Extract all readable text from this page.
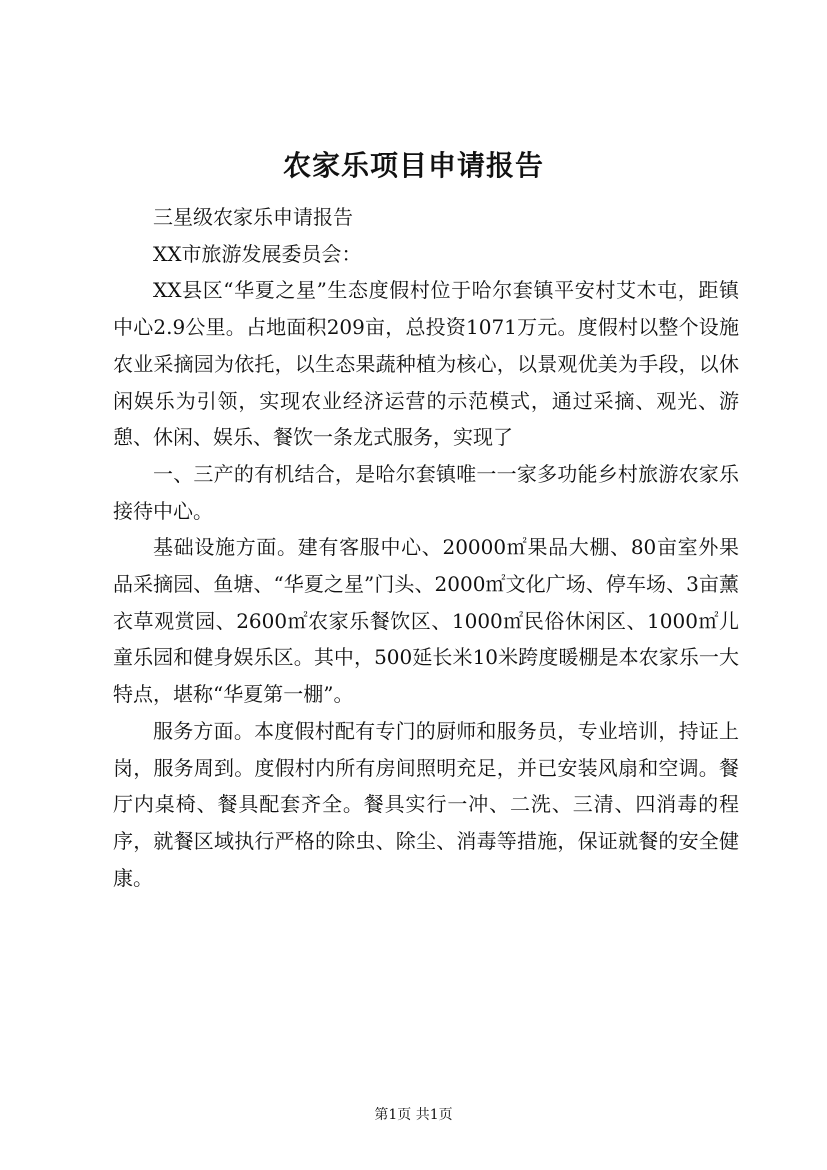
农家乐项目申请报告

三星级农家乐申请报告

XX市旅游发展委员会：

XX县区“华夏之星”生态度假村位于哈尔套镇平安村艾木屯，距镇中心2.9公里。占地面积209亩，总投资1071万元。度假村以整个设施农业采摘园为依托，以生态果蔬种植为核心，以景观优美为手段，以休闲娱乐为引领，实现农业经济运营的示范模式，通过采摘、观光、游憩、休闲、娱乐、餐饮一条龙式服务，实现了

一、三产的有机结合，是哈尔套镇唯一一家多功能乡村旅游农家乐接待中心。

基础设施方面。建有客服中心、20000㎡果品大棚、80亩室外果品采摘园、鱼塘、“华夏之星”门头、2000㎡文化广场、停车场、3亩薰衣草观赏园、2600㎡农家乐餐饮区、1000㎡民俗休闲区、1000㎡儿童乐园和健身娱乐区。其中，500延长米10米跨度暖棚是本农家乐一大特点，堪称“华夏第一棚”。

服务方面。本度假村配有专门的厨师和服务员，专业培训，持证上岗，服务周到。度假村内所有房间照明充足，并已安装风扇和空调。餐厅内桌椅、餐具配套齐全。餐具实行一冲、二洗、三清、四消毒的程序，就餐区域执行严格的除虫、除尘、消毒等措施，保证就餐的安全健康。

第1页 共1页
